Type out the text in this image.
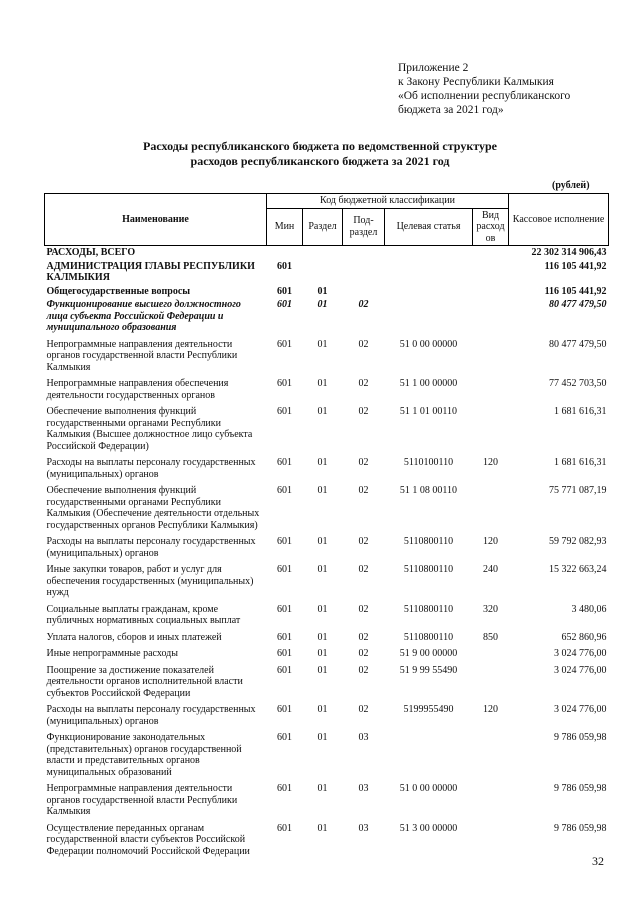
Приложение 2
к Закону Республики Калмыкия
«Об исполнении республиканского
бюджета за 2021 год»
Расходы республиканского бюджета по ведомственной структуре
расходов республиканского бюджета за 2021 год
(рублей)
Наименование	Код бюджетной классификации					Кассовое исполнение
	Мин	Раздел	Под-раздел	Целевая статья	Вид расход ов	
РАСХОДЫ, ВСЕГО						22 302 314 906,43
АДМИНИСТРАЦИЯ ГЛАВЫ РЕСПУБЛИКИ КАЛМЫКИЯ	601					116 105 441,92
Общегосударственные вопросы	601	01				116 105 441,92
Функционирование высшего должностного лица субъекта Российской Федерации и муниципального образования	601	01	02			80 477 479,50
Непрограммные направления деятельности органов государственной власти Республики Калмыкия	601	01	02	51 0 00 00000		80 477 479,50
Непрограммные направления обеспечения деятельности государственных органов	601	01	02	51 1 00 00000		77 452 703,50
Обеспечение выполнения функций государственными органами Республики Калмыкия (Высшее должностное лицо субъекта Российской Федерации)	601	01	02	51 1 01 00110		1 681 616,31
Расходы на выплаты персоналу государственных (муниципальных) органов	601	01	02	5110100110	120	1 681 616,31
Обеспечение выполнения функций государственными органами Республики Калмыкия (Обеспечение деятельности отдельных государственных органов Республики Калмыкия)	601	01	02	51 1 08 00110		75 771 087,19
Расходы на выплаты персоналу государственных (муниципальных) органов	601	01	02	5110800110	120	59 792 082,93
Иные закупки товаров, работ и услуг для обеспечения государственных (муниципальных) нужд	601	01	02	5110800110	240	15 322 663,24
Социальные выплаты гражданам, кроме публичных нормативных социальных выплат	601	01	02	5110800110	320	3 480,06
Уплата налогов, сборов и иных платежей	601	01	02	5110800110	850	652 860,96
Иные непрограммные расходы	601	01	02	51 9 00 00000		3 024 776,00
Поощрение за достижение показателей деятельности органов исполнительной власти субъектов Российской Федерации	601	01	02	51 9 99 55490		3 024 776,00
Расходы на выплаты персоналу государственных (муниципальных) органов	601	01	02	5199955490	120	3 024 776,00
Функционирование законодательных (представительных) органов государственной власти и представительных органов муниципальных образований	601	01	03			9 786 059,98
Непрограммные направления деятельности органов государственной власти Республики Калмыкия	601	01	03	51 0 00 00000		9 786 059,98
Осуществление переданных органам государственной власти субъектов Российской Федерации полномочий Российской Федерации	601	01	03	51 3 00 00000		9 786 059,98
32
